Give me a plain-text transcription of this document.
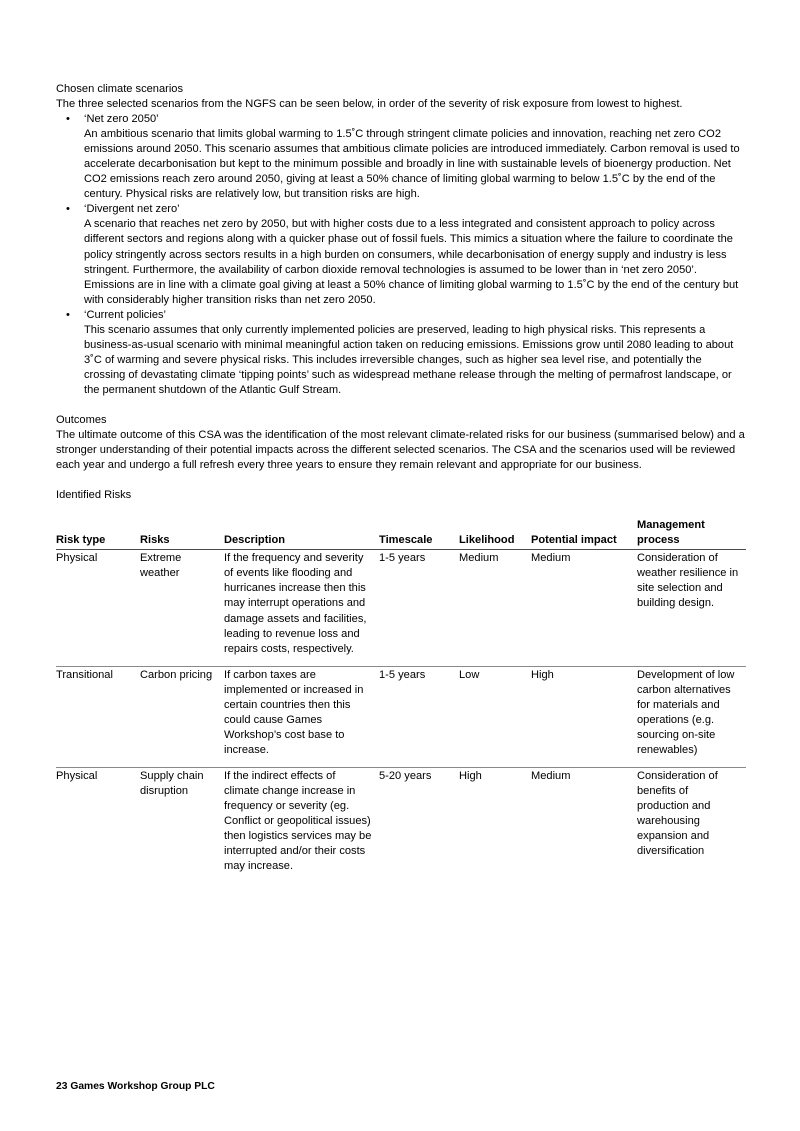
Chosen climate scenarios
The three selected scenarios from the NGFS can be seen below, in order of the severity of risk exposure from lowest to highest.
• ‘Net zero 2050’
An ambitious scenario that limits global warming to 1.5˚C through stringent climate policies and innovation, reaching net zero CO2 emissions around 2050. This scenario assumes that ambitious climate policies are introduced immediately. Carbon removal is used to accelerate decarbonisation but kept to the minimum possible and broadly in line with sustainable levels of bioenergy production. Net CO2 emissions reach zero around 2050, giving at least a 50% chance of limiting global warming to below 1.5˚C by the end of the century. Physical risks are relatively low, but transition risks are high.
• ‘Divergent net zero’
A scenario that reaches net zero by 2050, but with higher costs due to a less integrated and consistent approach to policy across different sectors and regions along with a quicker phase out of fossil fuels. This mimics a situation where the failure to coordinate the policy stringently across sectors results in a high burden on consumers, while decarbonisation of energy supply and industry is less stringent. Furthermore, the availability of carbon dioxide removal technologies is assumed to be lower than in ‘net zero 2050’. Emissions are in line with a climate goal giving at least a 50% chance of limiting global warming to 1.5˚C by the end of the century but with considerably higher transition risks than net zero 2050.
• ‘Current policies’
This scenario assumes that only currently implemented policies are preserved, leading to high physical risks. This represents a business-as-usual scenario with minimal meaningful action taken on reducing emissions. Emissions grow until 2080 leading to about 3˚C of warming and severe physical risks. This includes irreversible changes, such as higher sea level rise, and potentially the crossing of devastating climate ‘tipping points’ such as widespread methane release through the melting of permafrost landscape, or the permanent shutdown of the Atlantic Gulf Stream.
Outcomes
The ultimate outcome of this CSA was the identification of the most relevant climate-related risks for our business (summarised below) and a stronger understanding of their potential impacts across the different selected scenarios. The CSA and the scenarios used will be reviewed each year and undergo a full refresh every three years to ensure they remain relevant and appropriate for our business.
Identified Risks
Risk type	Risks	Description	Timescale	Likelihood	Potential impact	Management process
Physical	Extreme weather	If the frequency and severity of events like flooding and hurricanes increase then this may interrupt operations and damage assets and facilities, leading to revenue loss and repairs costs, respectively.	1-5 years	Medium	Medium	Consideration of weather resilience in site selection and building design.
Transitional	Carbon pricing	If carbon taxes are implemented or increased in certain countries then this could cause Games Workshop’s cost base to increase.	1-5 years	Low	High	Development of low carbon alternatives for materials and operations (e.g. sourcing on-site renewables)
Physical	Supply chain disruption	If the indirect effects of climate change increase in frequency or severity (eg. Conflict or geopolitical issues) then logistics services may be interrupted and/or their costs may increase.	5-20 years	High	Medium	Consideration of benefits of production and warehousing expansion and diversification
23 Games Workshop Group PLC
